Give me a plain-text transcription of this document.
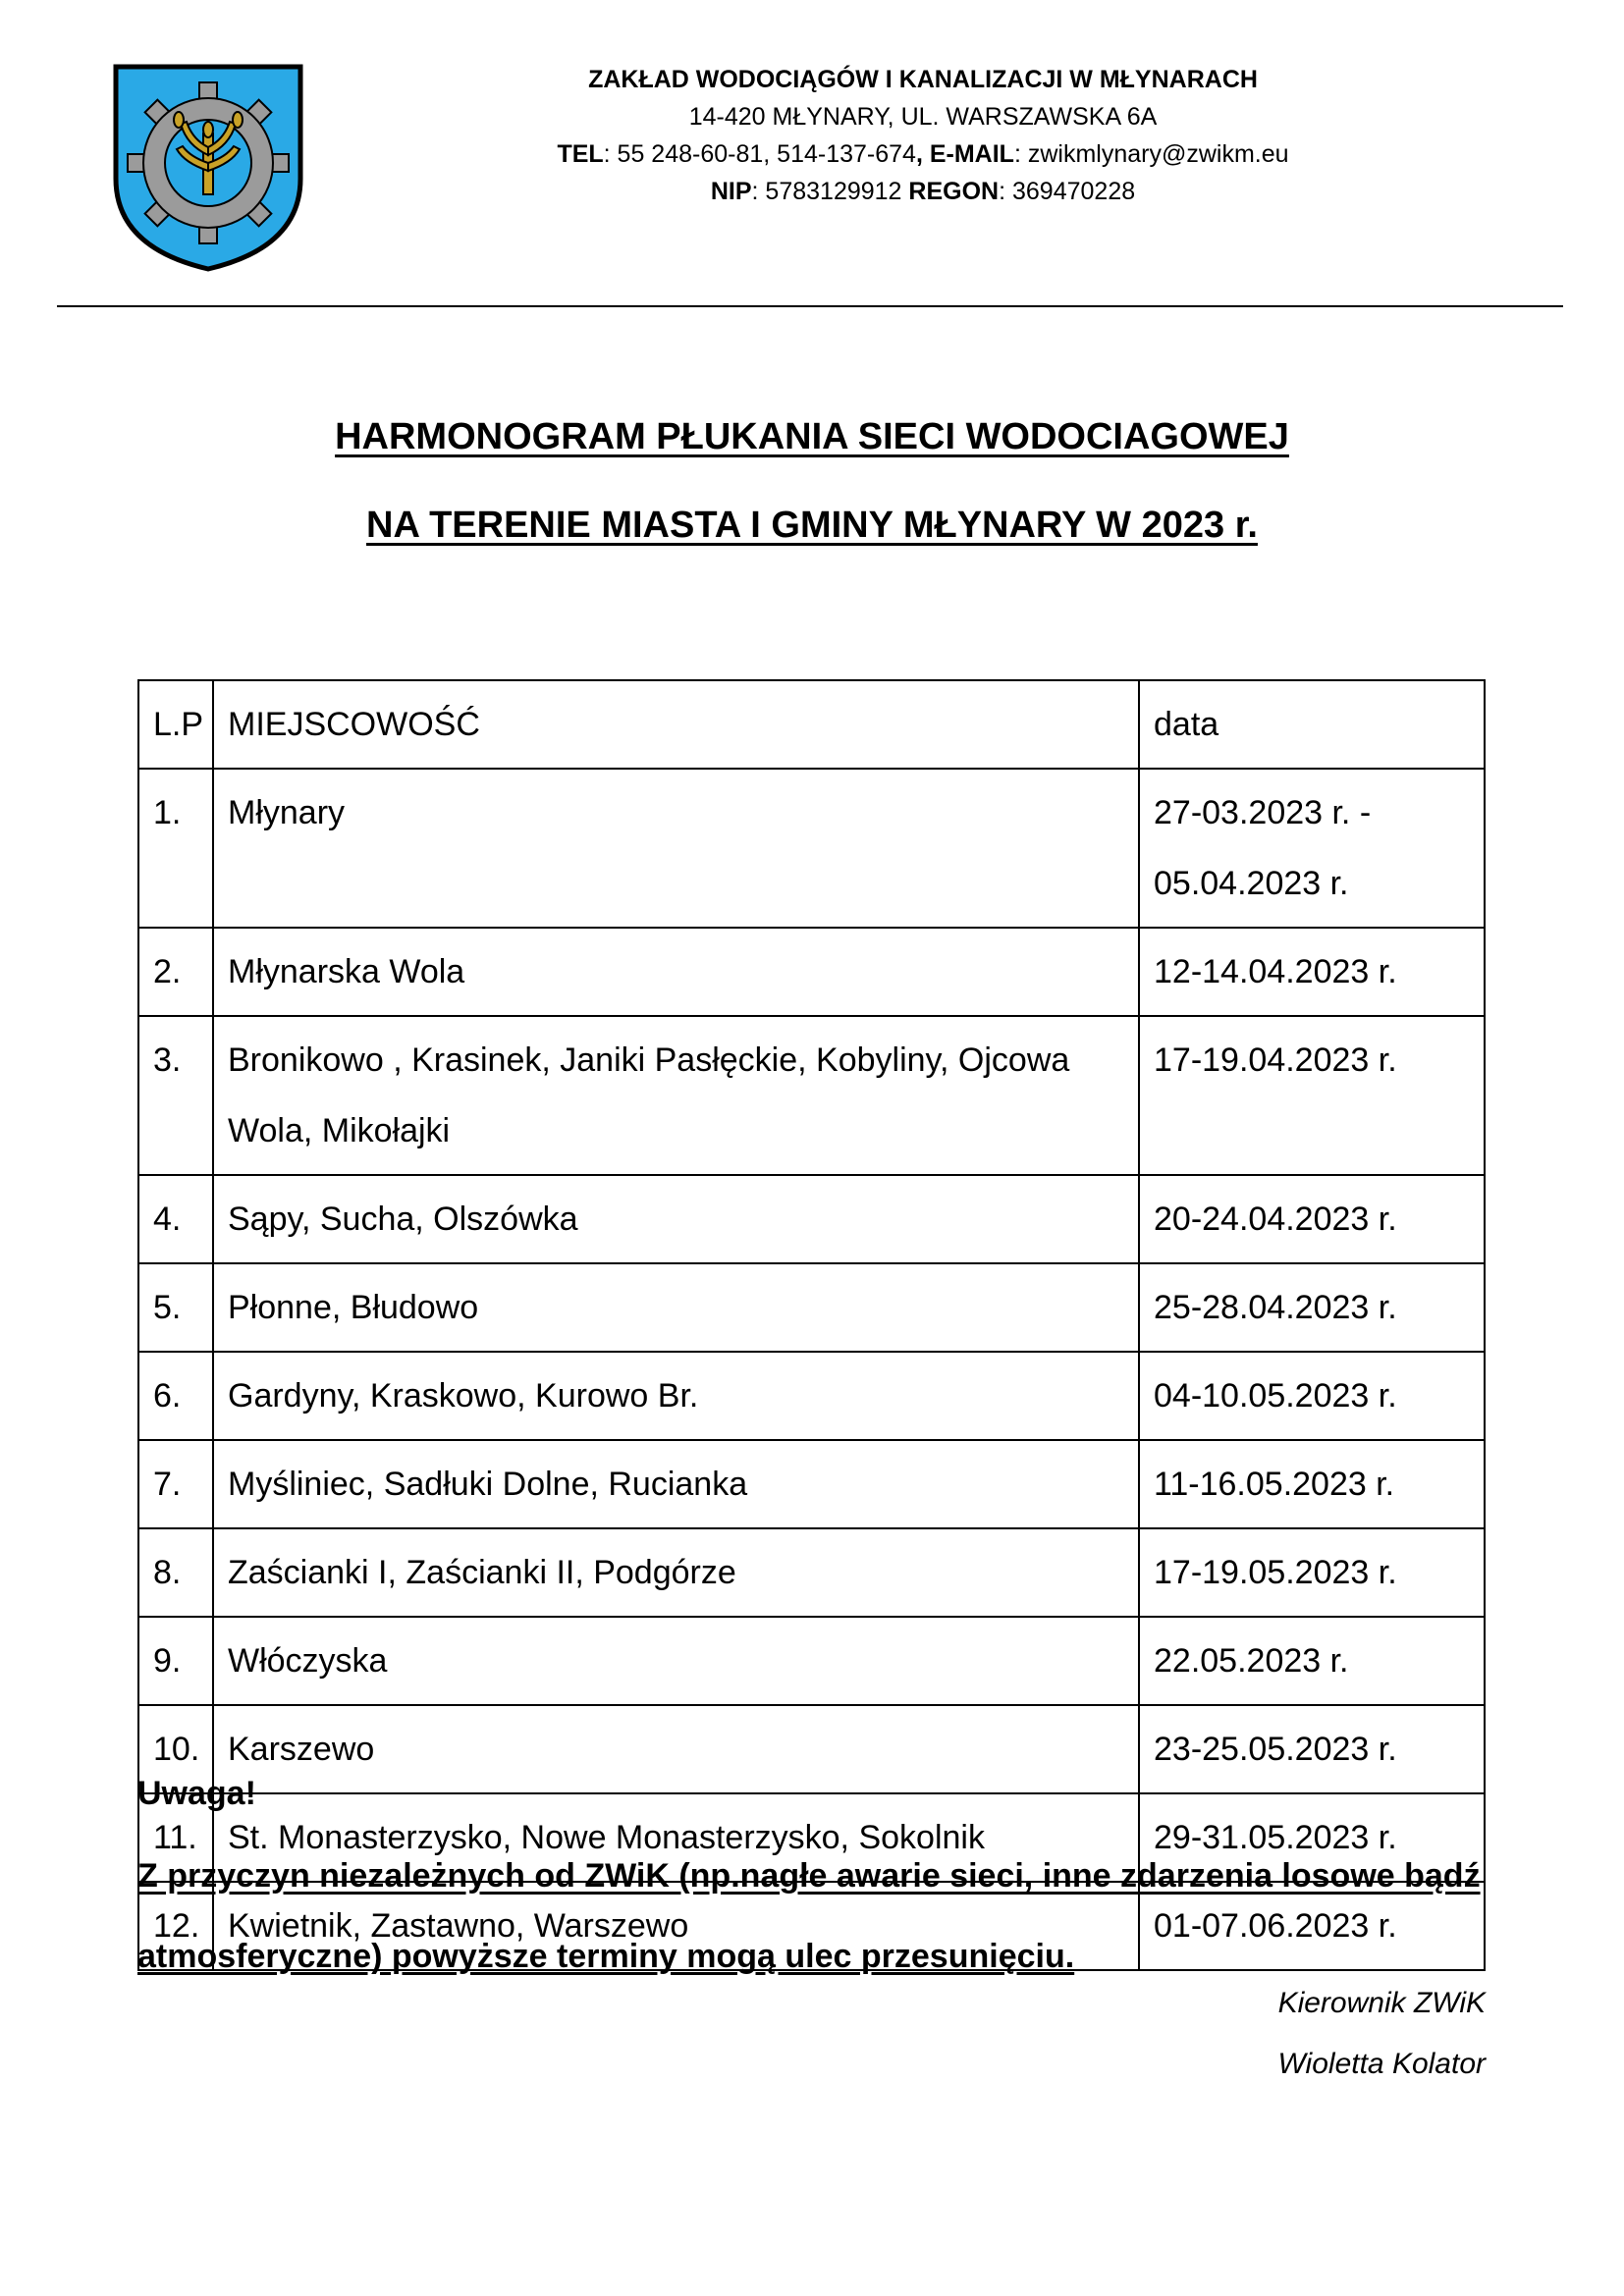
ZAKŁAD WODOCIĄGÓW I KANALIZACJI W MŁYNARACH
14-420 MŁYNARY, UL. WARSZAWSKA 6A
TEL: 55 248-60-81, 514-137-674, E-MAIL: zwikmlynary@zwikm.eu
NIP: 5783129912 REGON: 369470228
HARMONOGRAM PŁUKANIA SIECI WODOCIAGOWEJ
NA TERENIE MIASTA I GMINY MŁYNARY W 2023 r.
L.P	MIEJSCOWOŚĆ	data
1.	Młynary	27-03.2023 r. - 05.04.2023 r.
2.	Młynarska Wola	12-14.04.2023 r.
3.	Bronikowo , Krasinek, Janiki Pasłęckie, Kobyliny, Ojcowa Wola, Mikołajki	17-19.04.2023 r.
4.	Sąpy, Sucha, Olszówka	20-24.04.2023 r.
5.	Płonne, Błudowo	25-28.04.2023 r.
6.	Gardyny, Kraskowo, Kurowo Br.	04-10.05.2023 r.
7.	Myśliniec, Sadłuki Dolne, Rucianka	11-16.05.2023 r.
8.	Zaścianki I, Zaścianki II, Podgórze	17-19.05.2023 r.
9.	Włóczyska	22.05.2023 r.
10.	Karszewo	23-25.05.2023 r.
11.	St. Monasterzysko, Nowe Monasterzysko, Sokolnik	29-31.05.2023 r.
12.	Kwietnik, Zastawno, Warszewo	01-07.06.2023 r.
Uwaga!
Z przyczyn niezależnych od ZWiK (np.nagłe awarie sieci, inne zdarzenia losowe bądź atmosferyczne) powyższe terminy mogą ulec przesunięciu.
Kierownik ZWiK
Wioletta Kolator
